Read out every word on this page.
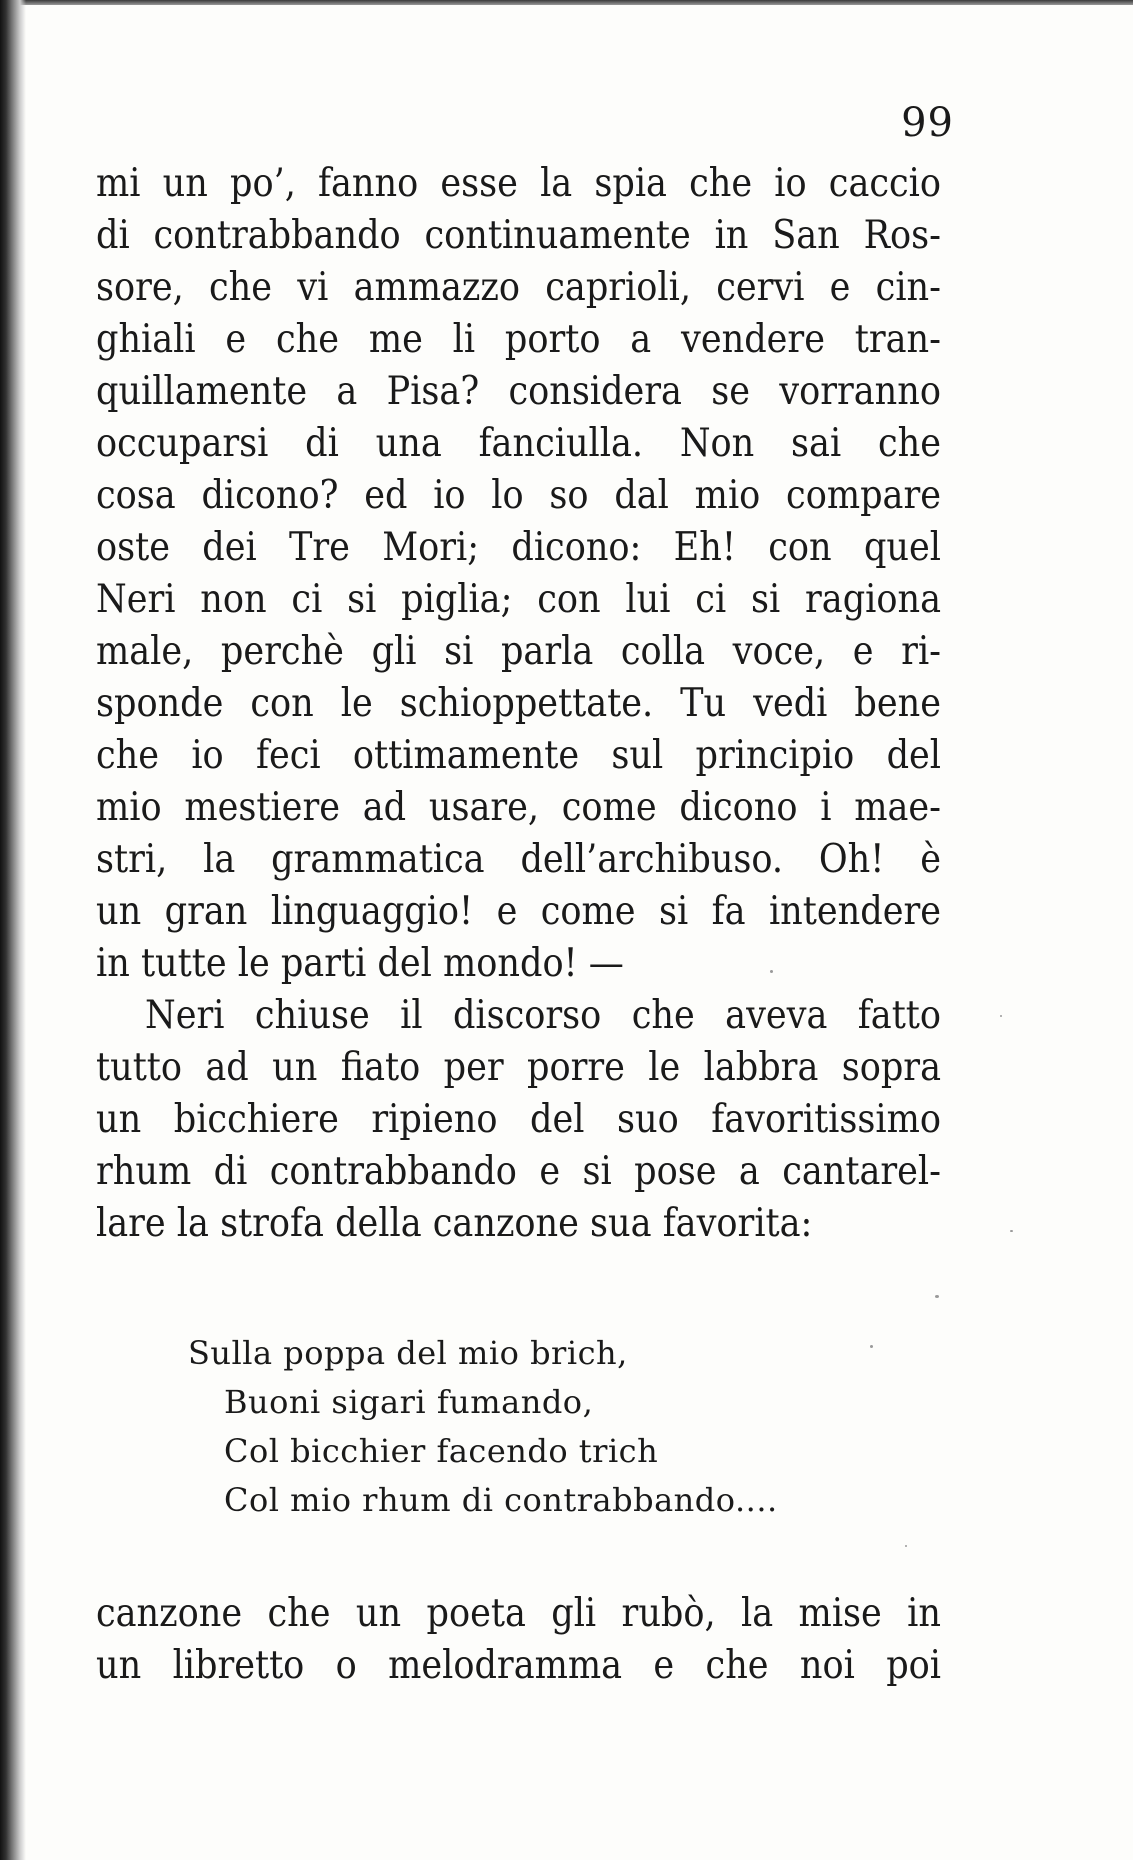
99
mi un po’, fanno esse la spia che io caccio
di contrabbando continuamente in San Ros-
sore, che vi ammazzo caprioli, cervi e cin-
ghiali e che me li porto a vendere tran-
quillamente a Pisa? considera se vorranno
occuparsi di una fanciulla. Non sai che
cosa dicono? ed io lo so dal mio compare
oste dei Tre Mori; dicono: Eh! con quel
Neri non ci si piglia; con lui ci si ragiona
male, perchè gli si parla colla voce, e ri-
sponde con le schioppettate. Tu vedi bene
che io feci ottimamente sul principio del
mio mestiere ad usare, come dicono i mae-
stri, la grammatica dell’archibuso. Oh! è
un gran linguaggio! e come si fa intendere
in tutte le parti del mondo! —
Neri chiuse il discorso che aveva fatto
tutto ad un fiato per porre le labbra sopra
un bicchiere ripieno del suo favoritissimo
rhum di contrabbando e si pose a cantarel-
lare la strofa della canzone sua favorita:
Sulla poppa del mio brich,
Buoni sigari fumando,
Col bicchier facendo trich
Col mio rhum di contrabbando....
canzone che un poeta gli rubò, la mise in
un libretto o melodramma e che noi poi
